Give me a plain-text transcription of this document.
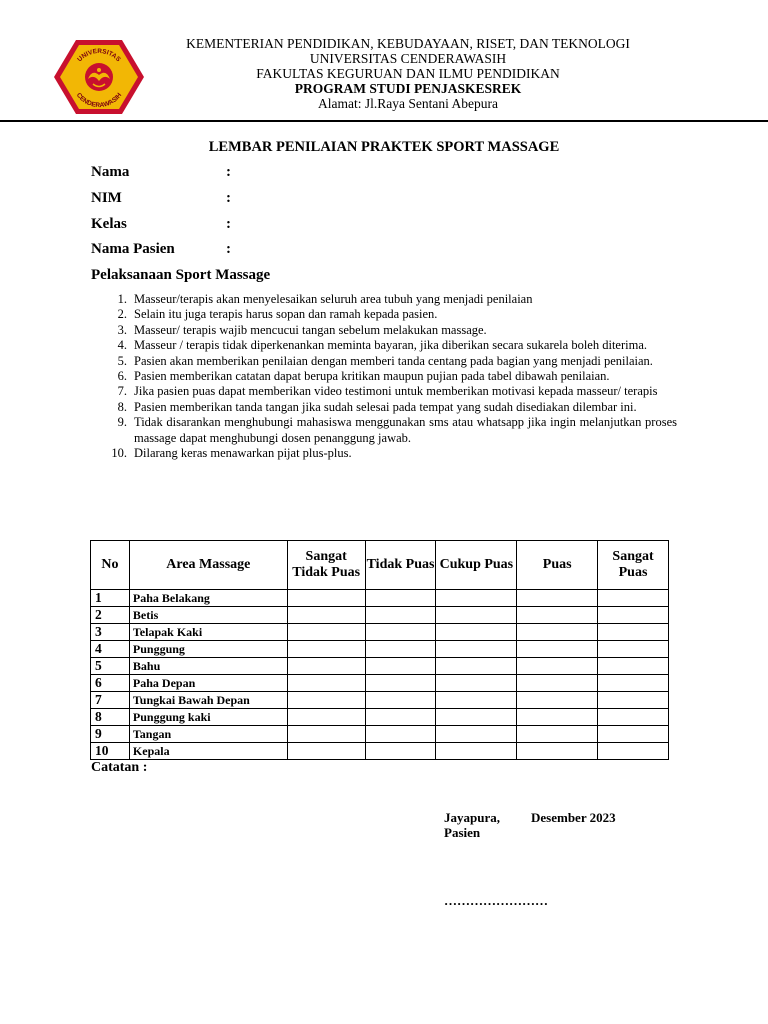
UNIVERSITAS
CENDERAWASIH
KEMENTERIAN PENDIDIKAN, KEBUDAYAAN, RISET, DAN TEKNOLOGI
UNIVERSITAS CENDERAWASIH
FAKULTAS KEGURUAN DAN ILMU PENDIDIKAN
PROGRAM STUDI PENJASKESREK
Alamat: Jl.Raya Sentani Abepura
LEMBAR PENILAIAN PRAKTEK SPORT MASSAGE
Nama	:
NIM	:
Kelas	:
Nama Pasien	:
Pelaksanaan Sport Massage
1. Masseur/terapis akan menyelesaikan seluruh area tubuh yang menjadi penilaian
2. Selain itu juga terapis harus sopan dan ramah kepada pasien.
3. Masseur/ terapis wajib mencucui tangan sebelum melakukan massage.
4. Masseur / terapis tidak diperkenankan meminta bayaran, jika diberikan secara sukarela boleh diterima.
5. Pasien akan memberikan penilaian dengan memberi tanda centang pada bagian yang menjadi penilaian.
6. Pasien memberikan catatan dapat berupa kritikan maupun pujian pada tabel dibawah penilaian.
7. Jika pasien puas dapat memberikan video testimoni untuk memberikan motivasi kepada masseur/ terapis
8. Pasien memberikan tanda tangan jika sudah selesai pada tempat yang sudah disediakan dilembar ini.
9. Tidak disarankan menghubungi mahasiswa menggunakan sms atau whatsapp jika ingin melanjutkan proses massage dapat menghubungi dosen penanggung jawab.
10. Dilarang keras menawarkan pijat plus-plus.
No	Area Massage	Sangat Tidak Puas	Tidak Puas	Cukup Puas	Puas	Sangat Puas
1	Paha Belakang					
2	Betis					
3	Telapak Kaki					
4	Punggung					
5	Bahu					
6	Paha Depan					
7	Tungkai Bawah Depan					
8	Punggung kaki					
9	Tangan					
10	Kepala					
Catatan :
Jayapura, Desember 2023
Pasien
……………………
